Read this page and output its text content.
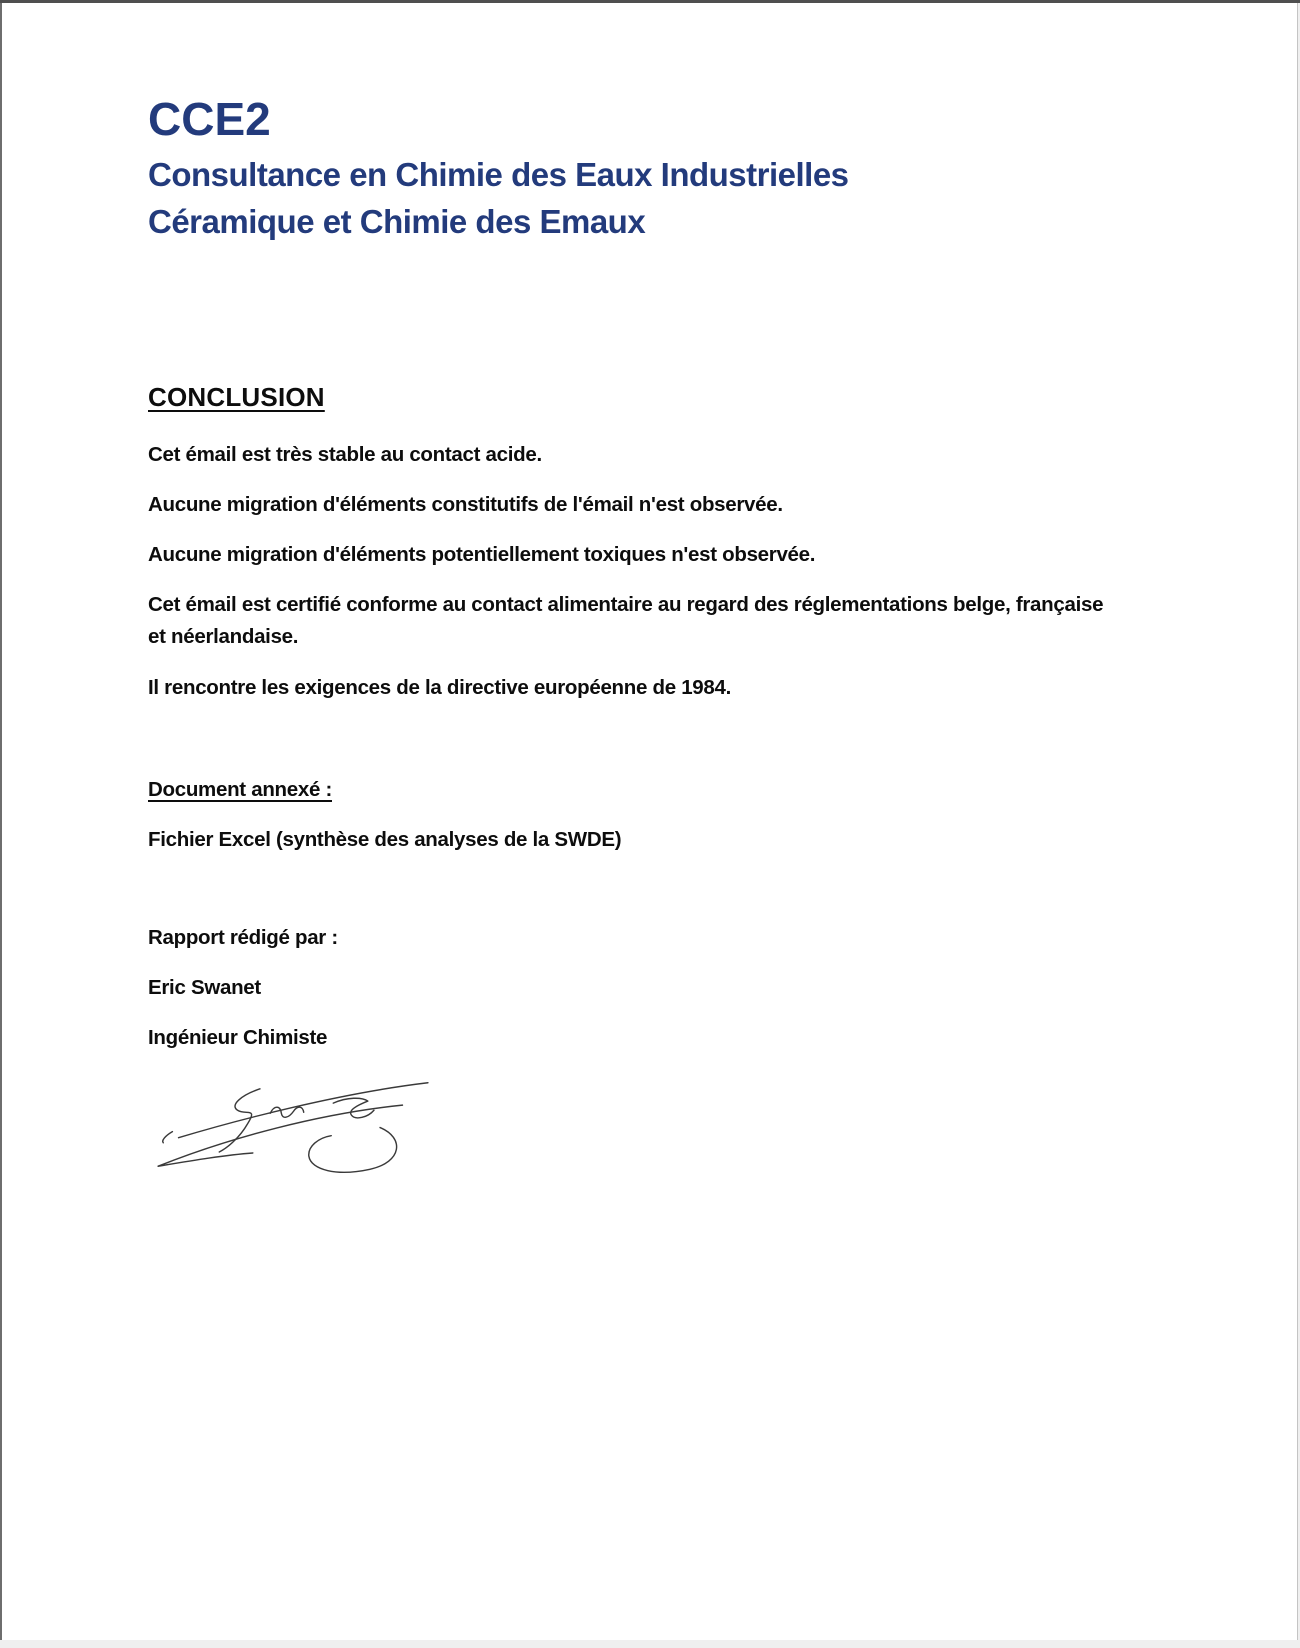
CCE2
Consultance en Chimie des Eaux Industrielles
Céramique et Chimie des Emaux
CONCLUSION

Cet émail est très stable au contact acide.

Aucune migration d'éléments constitutifs de l'émail n'est observée.

Aucune migration d'éléments potentiellement toxiques n'est observée.

Cet émail est certifié conforme au contact alimentaire au regard des réglementations belge, française et néerlandaise.

Il rencontre les exigences de la directive européenne de 1984.

Document annexé :

Fichier Excel (synthèse des analyses de la SWDE)

Rapport rédigé par :

Eric Swanet

Ingénieur Chimiste
